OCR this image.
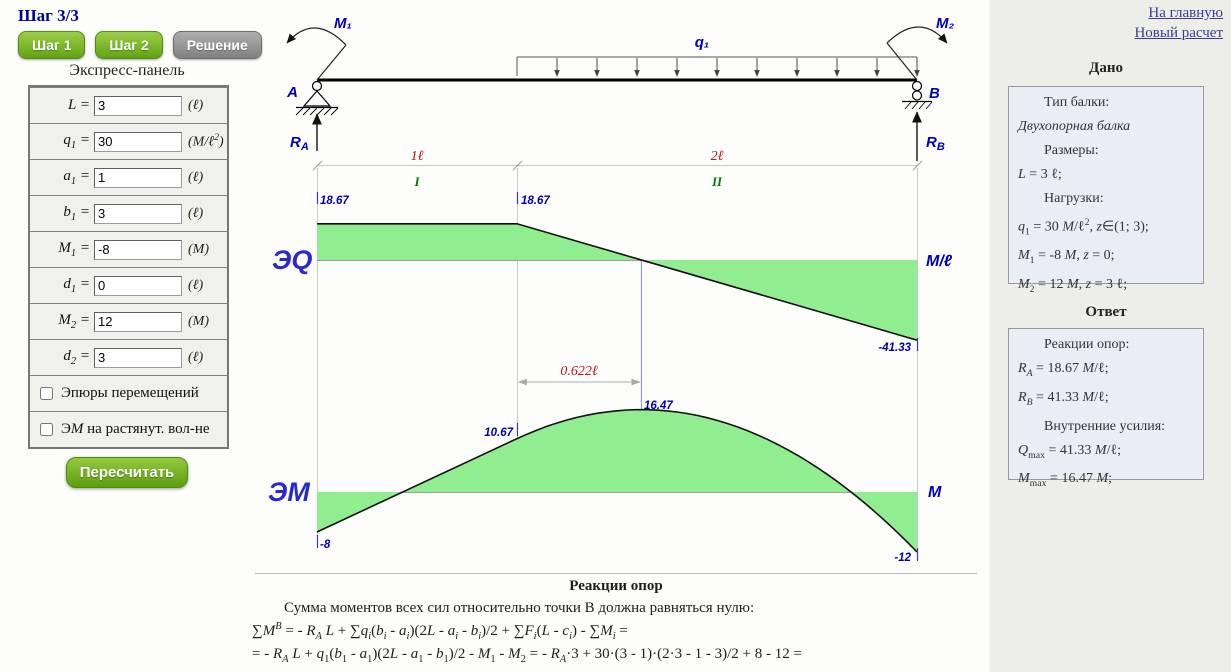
Шаг 3/3
Шаг 1	Шаг 2	Решение
Экспресс-панель
L =
3	(ℓ)
$q_1$ =
30	(M/ℓ$^2$)
$a_1$ =
1	(ℓ)
$b_1$ =
3	(ℓ)
$M_1$ =
-8	(M)
$d_1$ =
0	(ℓ)
$M_2$ =
12	(M)
$d_2$ =
3	(ℓ)
Эпюры перемещений
ЭM на растянут. вол-не
Пересчитать
На главную
Новый расчет
Дано
Тип балки:
Двухопорная балка
Размеры:
L = 3 ℓ;
Нагрузки:
$q_1 = 30$ M/ℓ$^2$, z∈(1; 3);
$M_1 = -8$ M, z = 0;
$M_2 = 12$ M, z = 3 ℓ;
Ответ
Реакции опор:
$R_A = 18.67$ M/ℓ;
$R_B = 41.33$ M/ℓ;
Внутренние усилия:
$Q_{max} = 41.33$ M/ℓ;
$M_{max} = 16.47$ M;
M₁	M₂
q₁
A	B
$R_A$	$R_B$
1ℓ
I
2ℓ
II
0.622ℓ
ЭQ
ЭМ
M/ℓ
M
18.67	18.67
-41.33
10.67
16.47
-8
-12
Реакции опор
Сумма моментов всех сил относительно точки B должна равняться нулю:
$\sum M^B$ = - $R_A$ $L + \sum q_i(b_i - a_i)(2L - a_i - b_i)/2 + \sum F_i(L - c_i) - \sum M_i$ =
= - $R_A$ $L + q_1(b_1 - a_1)(2L - a_1 - b_1)/2 - M_1 - M_2$ = - $R_A\cdot 3 + 30\cdot(3 - 1)\cdot(2\cdot 3 - 1 - 3)/2 + 8 - 12$ =
